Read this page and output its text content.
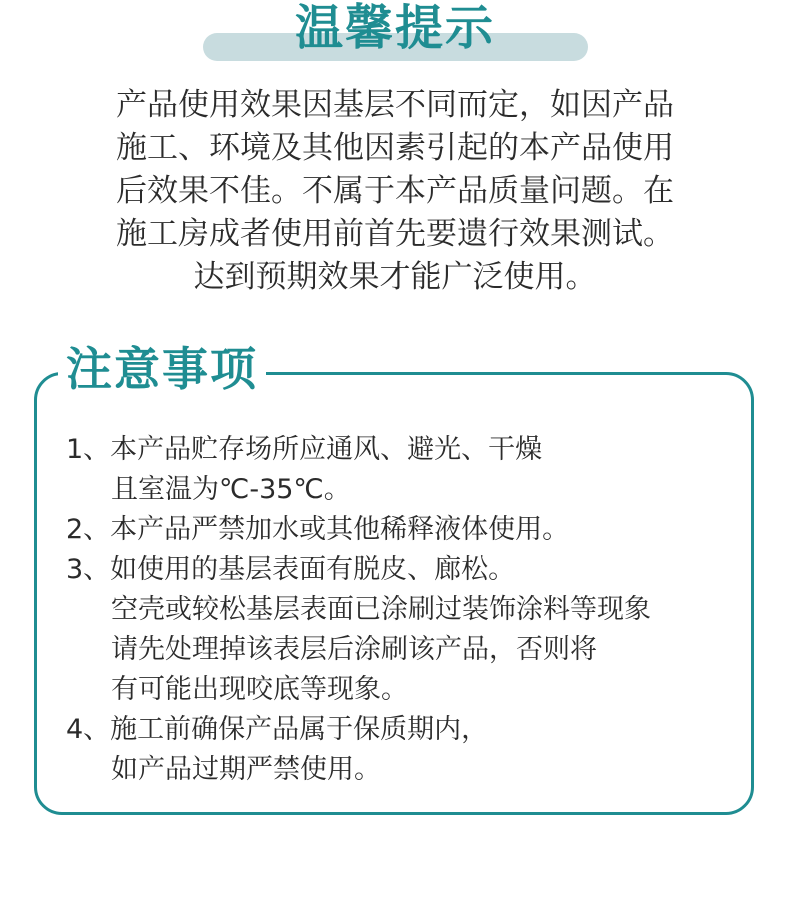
温馨提示
产品使用效果因基层不同而定，如因产品
施工、环境及其他因素引起的本产品使用
后效果不佳。不属于本产品质量问题。在
施工房成者使用前首先要遗行效果测试。
达到预期效果才能广泛使用。
注意事项
1、本产品贮存场所应通风、避光、干燥
且室温为℃-35℃。
2、本产品严禁加水或其他稀释液体使用。
3、如使用的基层表面有脱皮、廊松。
空壳或较松基层表面已涂刷过装饰涂料等现象
请先处理掉该表层后涂刷该产品，否则将
有可能出现咬底等现象。
4、施工前确保产品属于保质期内，
如产品过期严禁使用。
